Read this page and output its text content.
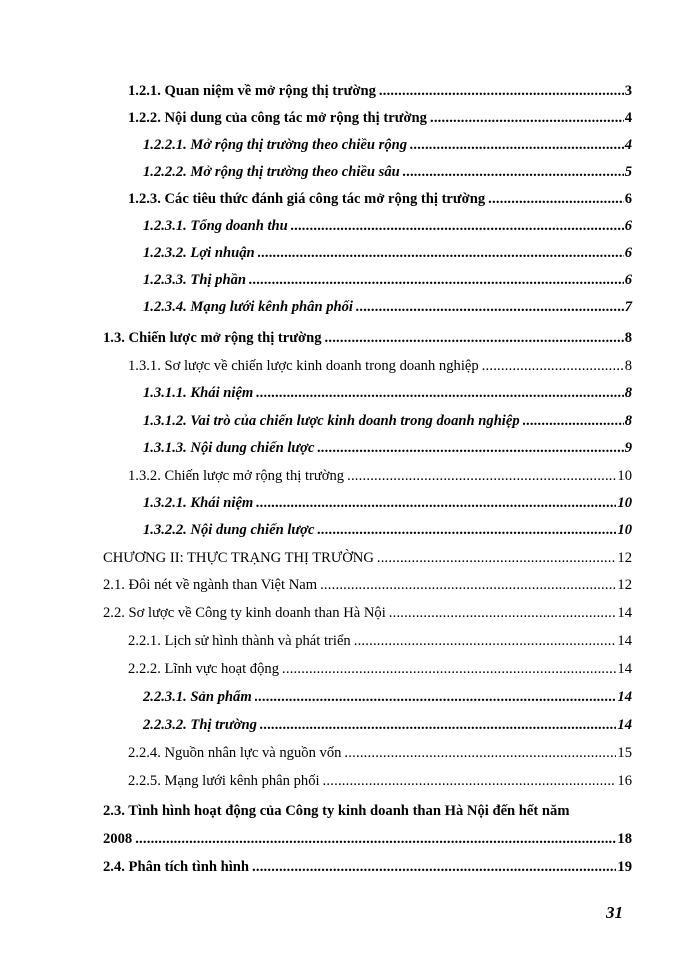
1.2.1. Quan niệm về mở rộng thị trường .....	3
1.2.2. Nội dung của công tác mở rộng thị trường .....	4
1.2.2.1. Mở rộng thị trường theo chiều rộng .....	4
1.2.2.2. Mở rộng thị trường theo chiều sâu .....	5
1.2.3. Các tiêu thức đánh giá công tác mở rộng thị trường .....	6
1.2.3.1. Tổng doanh thu .....	6
1.2.3.2. Lợi nhuận .....	6
1.2.3.3. Thị phần .....	6
1.2.3.4. Mạng lưới kênh phân phối .....	7
1.3. Chiến lược mở rộng thị trường .....	8
1.3.1. Sơ lược về chiến lược kinh doanh trong doanh nghiệp .....	8
1.3.1.1. Khái niệm .....	8
1.3.1.2. Vai trò của chiến lược kinh doanh trong doanh nghiệp .....	8
1.3.1.3. Nội dung chiến lược .....	9
1.3.2. Chiến lược mở rộng thị trường .....	10
1.3.2.1. Khái niệm .....	10
1.3.2.2. Nội dung chiến lược .....	10
CHƯƠNG II: THỰC TRẠNG THỊ TRƯỜNG .....	12
2.1. Đôi nét về ngành than Việt Nam .....	12
2.2. Sơ lược về Công ty kinh doanh than Hà Nội .....	14
2.2.1. Lịch sử hình thành và phát triển .....	14
2.2.2. Lĩnh vực hoạt động .....	14
2.2.3.1. Sản phẩm .....	14
2.2.3.2. Thị trường .....	14
2.2.4. Nguồn nhân lực và nguồn vốn .....	15
2.2.5. Mạng lưới kênh phân phối .....	16
2.3. Tình hình hoạt động của Công ty kinh doanh than Hà Nội đến hết năm
2008 .....	18
2.4. Phân tích tình hình .....	19
31
